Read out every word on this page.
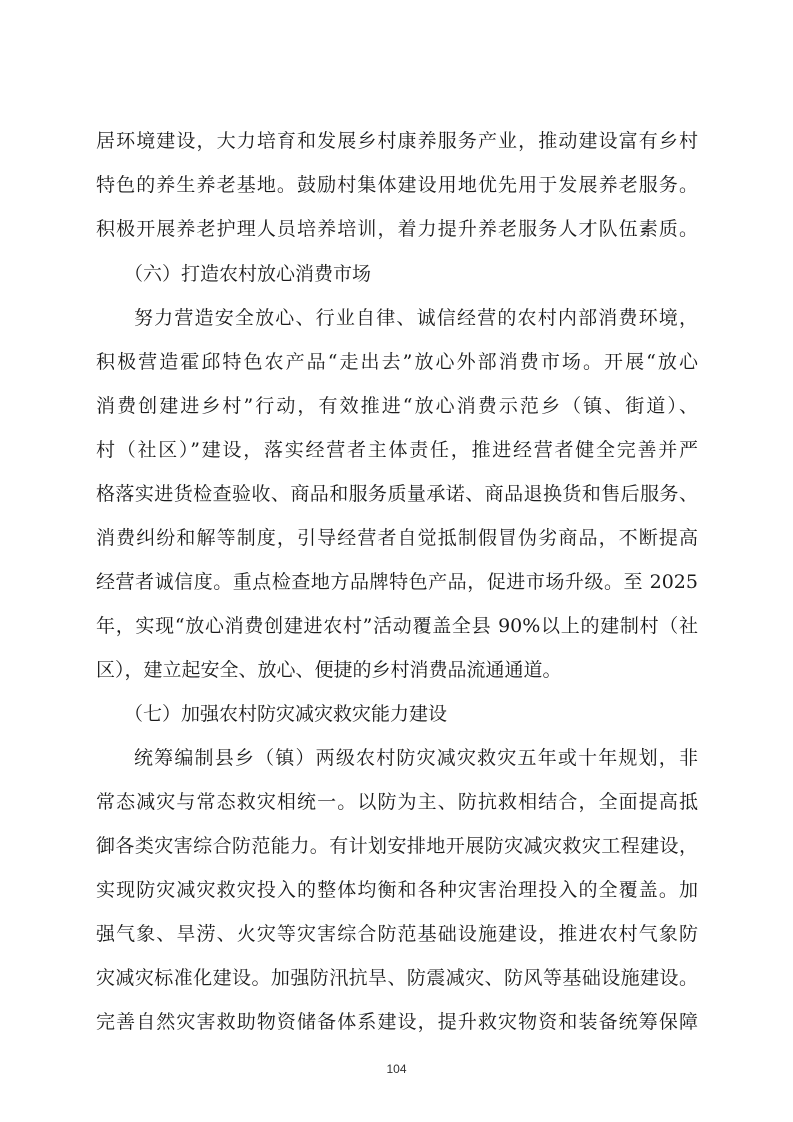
居环境建设，大力培育和发展乡村康养服务产业，推动建设富有乡村
特色的养生养老基地。鼓励村集体建设用地优先用于发展养老服务。
积极开展养老护理人员培养培训，着力提升养老服务人才队伍素质。
（六）打造农村放心消费市场
努力营造安全放心、行业自律、诚信经营的农村内部消费环境，
积极营造霍邱特色农产品“走出去”放心外部消费市场。开展“放心
消费创建进乡村”行动，有效推进“放心消费示范乡（镇、街道）、
村（社区）”建设，落实经营者主体责任，推进经营者健全完善并严
格落实进货检查验收、商品和服务质量承诺、商品退换货和售后服务、
消费纠纷和解等制度，引导经营者自觉抵制假冒伪劣商品，不断提高
经营者诚信度。重点检查地方品牌特色产品，促进市场升级。至 2025
年，实现“放心消费创建进农村”活动覆盖全县 90%以上的建制村（社
区），建立起安全、放心、便捷的乡村消费品流通通道。
（七）加强农村防灾减灾救灾能力建设
统筹编制县乡（镇）两级农村防灾减灾救灾五年或十年规划，非
常态减灾与常态救灾相统一。以防为主、防抗救相结合，全面提高抵
御各类灾害综合防范能力。有计划安排地开展防灾减灾救灾工程建设，
实现防灾减灾救灾投入的整体均衡和各种灾害治理投入的全覆盖。加
强气象、旱涝、火灾等灾害综合防范基础设施建设，推进农村气象防
灾减灾标准化建设。加强防汛抗旱、防震减灾、防风等基础设施建设。
完善自然灾害救助物资储备体系建设，提升救灾物资和装备统筹保障
104
